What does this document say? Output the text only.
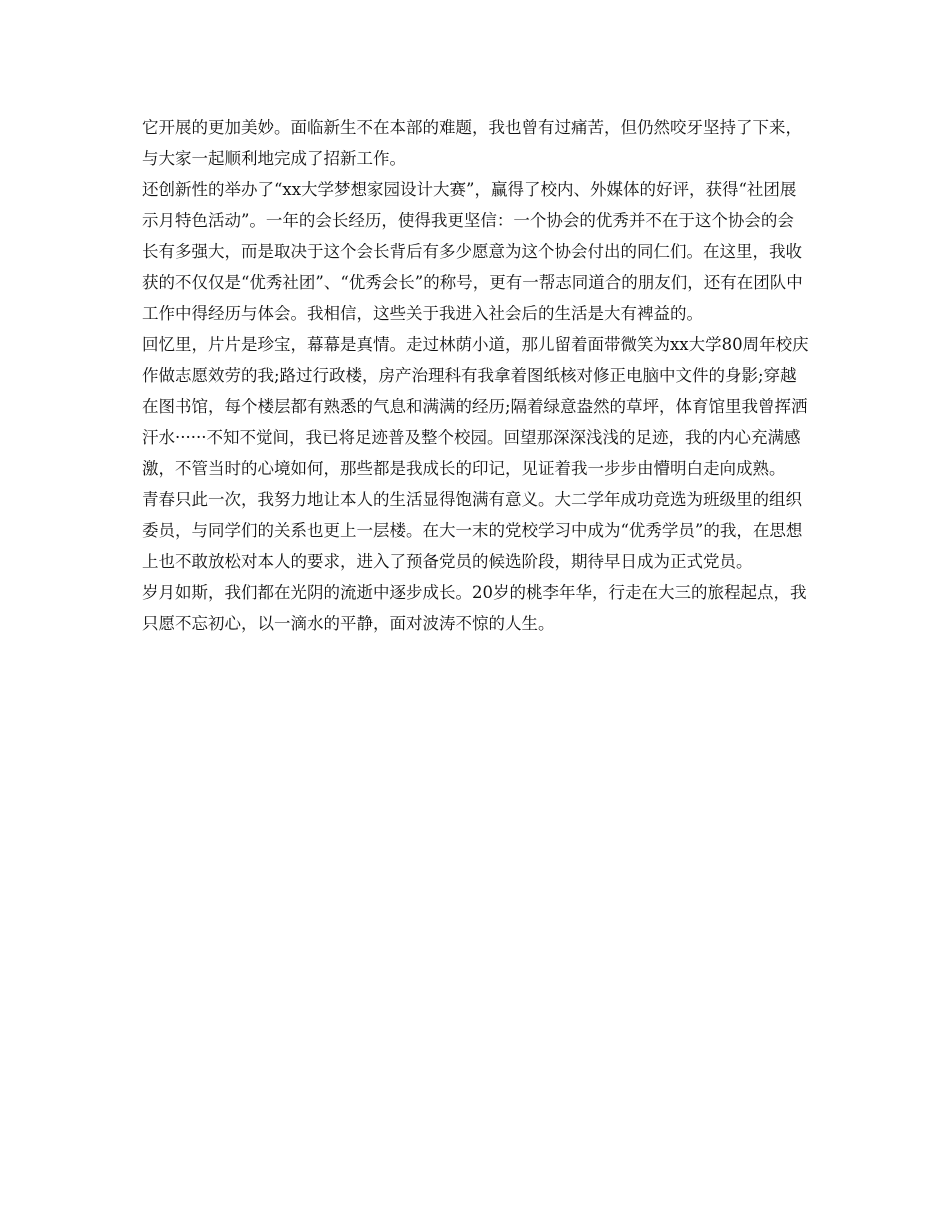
它开展的更加美妙。面临新生不在本部的难题，我也曾有过痛苦，但仍然咬牙坚持了下来，与大家一起顺利地完成了招新工作。

还创新性的举办了“xx大学梦想家园设计大赛”，赢得了校内、外媒体的好评，获得“社团展示月特色活动”。一年的会长经历，使得我更坚信：一个协会的优秀并不在于这个协会的会长有多强大，而是取决于这个会长背后有多少愿意为这个协会付出的同仁们。在这里，我收获的不仅仅是“优秀社团”、“优秀会长”的称号，更有一帮志同道合的朋友们，还有在团队中工作中得经历与体会。我相信，这些关于我进入社会后的生活是大有裨益的。

回忆里，片片是珍宝，幕幕是真情。走过林荫小道，那儿留着面带微笑为xx大学80周年校庆作做志愿效劳的我;路过行政楼，房产治理科有我拿着图纸核对修正电脑中文件的身影;穿越在图书馆，每个楼层都有熟悉的气息和满满的经历;隔着绿意盎然的草坪，体育馆里我曾挥洒汗水······不知不觉间，我已将足迹普及整个校园。回望那深深浅浅的足迹，我的内心充满感激，不管当时的心境如何，那些都是我成长的印记，见证着我一步步由懵明白走向成熟。

青春只此一次，我努力地让本人的生活显得饱满有意义。大二学年成功竞选为班级里的组织委员，与同学们的关系也更上一层楼。在大一末的党校学习中成为“优秀学员”的我，在思想上也不敢放松对本人的要求，进入了预备党员的候选阶段，期待早日成为正式党员。

岁月如斯，我们都在光阴的流逝中逐步成长。20岁的桃李年华，行走在大三的旅程起点，我只愿不忘初心，以一滴水的平静，面对波涛不惊的人生。
